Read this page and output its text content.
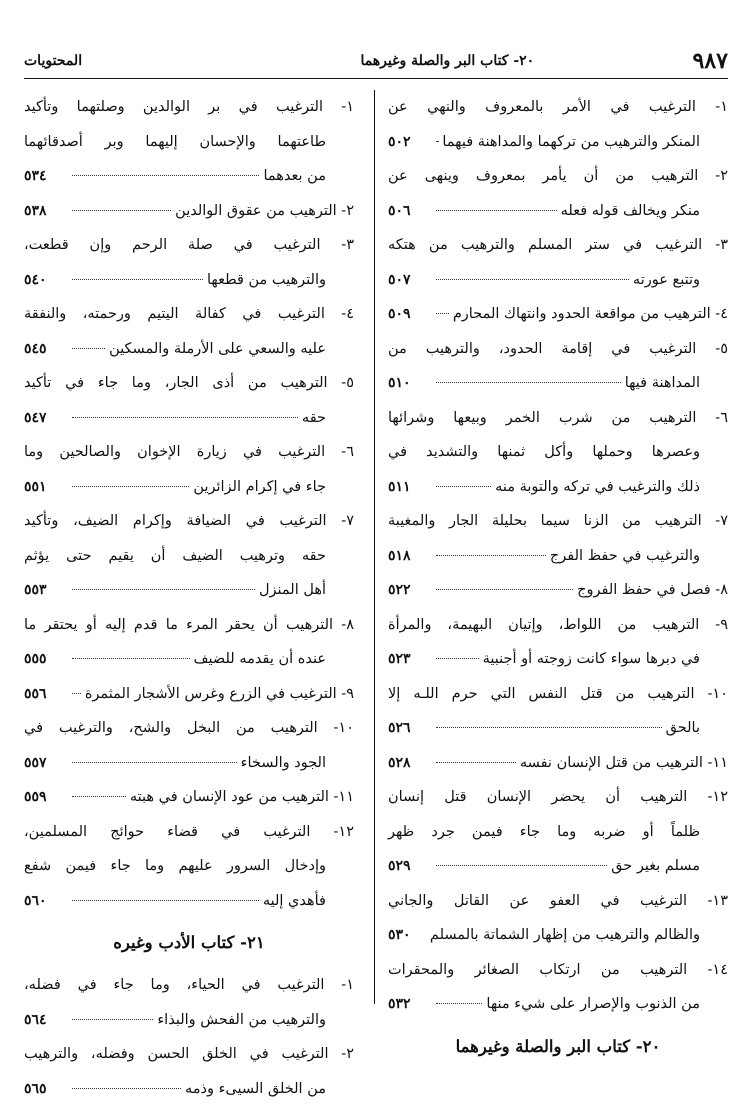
٩٨٧
٢٠- كتاب البر والصلة وغيرهما
المحتويات
١- الترغيب في الأمر بالمعروف والنهي عن
المنكر والترهيب من تركهما والمداهنة فيهما
٥٠٢
٢- الترهيب من أن يأمر بمعروف وينهى عن
منكر ويخالف قوله فعله
٥٠٦
٣- الترغيب في ستر المسلم والترهيب من هتكه
وتتبع عورته
٥٠٧
٤- الترهيب من مواقعة الحدود وانتهاك المحارم
٥٠٩
٥- الترغيب في إقامة الحدود، والترهيب من
المداهنة فيها
٥١٠
٦- الترهيب من شرب الخمر وبيعها وشرائها
وعصرها وحملها وأكل ثمنها والتشديد في
ذلك والترغيب في تركه والتوبة منه
٥١١
٧- الترهيب من الزنا سيما بحليلة الجار والمغيبة
والترغيب في حفظ الفرج
٥١٨
٨- فصل في حفظ الفروج
٥٢٢
٩- الترهيب من اللواط، وإتيان البهيمة، والمرأة
في دبرها سواء كانت زوجته أو أجنبية
٥٢٣
١٠- الترهيب من قتل النفس التي حرم اللـه إلا
بالحق
٥٢٦
١١- الترهيب من قتل الإنسان نفسه
٥٢٨
١٢- الترهيب أن يحضر الإنسان قتل إنسان
ظلماً أو ضربه وما جاء فيمن جرد ظهر
مسلم بغير حق
٥٢٩
١٣- الترغيب في العفو عن القاتل والجاني
والظالم والترهيب من إظهار الشماتة بالمسلم
٥٣٠
١٤- الترهيب من ارتكاب الصغائر والمحقرات
من الذنوب والإصرار على شيء منها
٥٣٢
٢٠- كتاب البر والصلة وغيرهما
١- الترغيب في بر الوالدين وصلتهما وتأكيد
طاعتهما والإحسان إليهما وبر أصدقائهما
من بعدهما
٥٣٤
٢- الترهيب من عقوق الوالدين
٥٣٨
٣- الترغيب في صلة الرحم وإن قطعت،
والترهيب من قطعها
٥٤٠
٤- الترغيب في كفالة اليتيم ورحمته، والنفقة
عليه والسعي على الأرملة والمسكين
٥٤٥
٥- الترهيب من أذى الجار، وما جاء في تأكيد
حقه
٥٤٧
٦- الترغيب في زيارة الإخوان والصالحين وما
جاء في إكرام الزائرين
٥٥١
٧- الترغيب في الضيافة وإكرام الضيف، وتأكيد
حقه وترهيب الضيف أن يقيم حتى يؤثم
أهل المنزل
٥٥٣
٨- الترهيب أن يحقر المرء ما قدم إليه أو يحتقر ما
عنده أن يقدمه للضيف
٥٥٥
٩- الترغيب في الزرع وغرس الأشجار المثمرة
٥٥٦
١٠- الترهيب من البخل والشح، والترغيب في
الجود والسخاء
٥٥٧
١١- الترهيب من عود الإنسان في هبته
٥٥٩
١٢- الترغيب في قضاء حوائج المسلمين،
وإدخال السرور عليهم وما جاء فيمن شفع
فأهدي إليه
٥٦٠
٢١- كتاب الأدب وغيره
١- الترغيب في الحياء، وما جاء في فضله،
والترهيب من الفحش والبذاء
٥٦٤
٢- الترغيب في الخلق الحسن وفضله، والترهيب
من الخلق السيىء وذمه
٥٦٥
